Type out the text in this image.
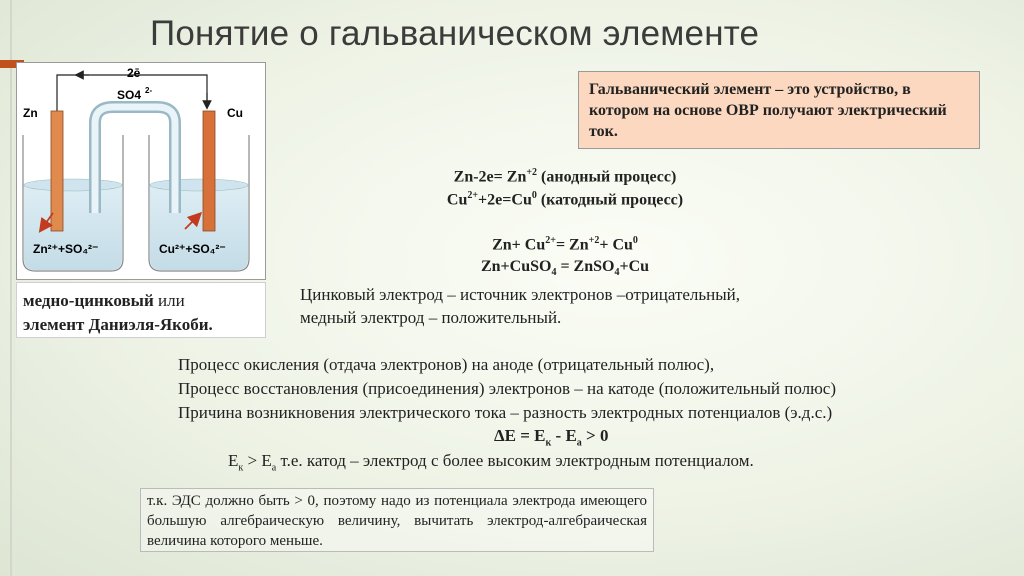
Понятие о гальваническом элементе
2ē
SO4 2-
Zn	Cu
Zn²⁺+SO₄²⁻	Cu²⁺+SO₄²⁻
медно-цинковый или
элемент Даниэля-Якоби.
Гальванический элемент – это устройство, в котором на основе ОВР получают электрический ток.
$Zn-2e= Zn^{+2}$ (анодный процесс)
$Cu^{2+}+2e=Cu^0$ (катодный процесс)
$Zn+ Cu^{2+}= Zn^{+2}+ Cu^0$
Zn+CuSO$_4$ = ZnSO$_4$+Cu
Цинковый электрод – источник электронов –отрицательный,
медный электрод – положительный.
Процесс окисления (отдача электронов) на аноде (отрицательный полюс),
Процесс восстановления (присоединения) электронов – на катоде (положительный полюс)
Причина возникновения электрического тока – разность электродных потенциалов (э.д.с.)
$\Delta E = E_к - E_а > 0$
$E_к > E_а$ т.е. катод – электрод с более высоким электродным потенциалом.
т.к. ЭДС должно быть > 0, поэтому надо из потенциала электрода имеющего большую алгебраическую величину, вычитать электрод-алгебраическая величина которого меньше.
